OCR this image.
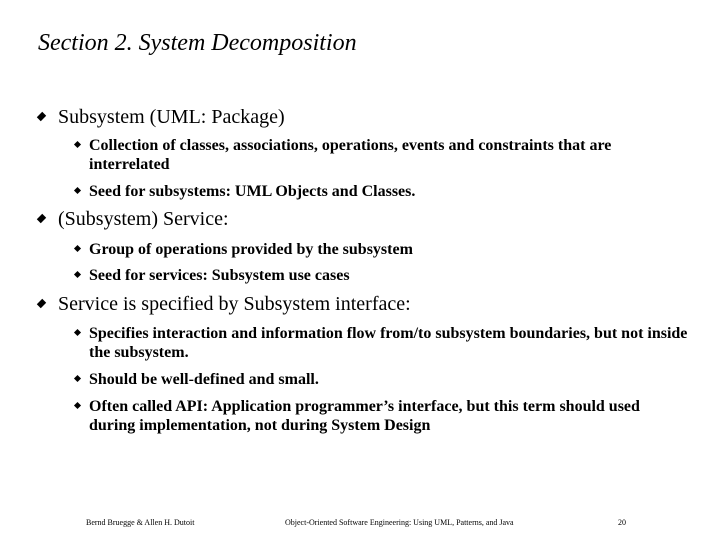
Section 2. System Decomposition
Subsystem (UML: Package)
Collection of classes, associations, operations, events and constraints that are interrelated
Seed for subsystems: UML Objects and Classes.
(Subsystem) Service:
Group of operations provided by the subsystem
Seed for services: Subsystem use cases
Service is specified by Subsystem interface:
Specifies interaction and information flow from/to subsystem boundaries, but not inside the subsystem.
Should be well-defined and small.
Often called API: Application programmer’s interface, but this term should used during implementation, not during System Design
Bernd Bruegge & Allen H. Dutoit	Object-Oriented Software Engineering: Using UML, Patterns, and Java	20
